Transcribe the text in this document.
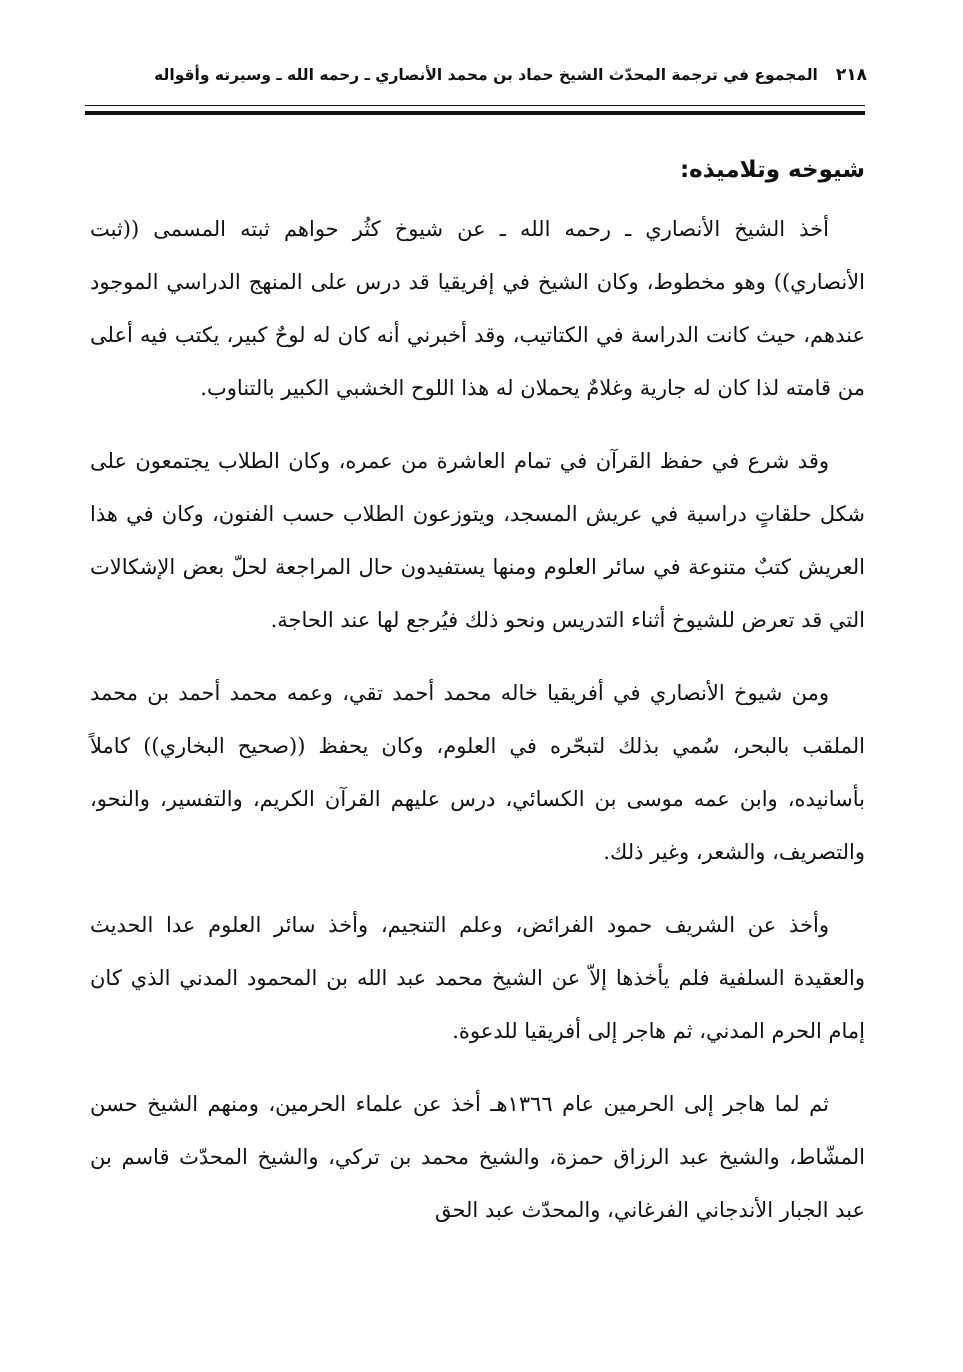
٢١٨
المجموع في ترجمة المحدّث الشيخ حماد بن محمد الأنصاري ـ رحمه الله ـ وسيرته وأقواله
شيوخه وتلاميذه:

أخذ الشيخ الأنصاري ـ رحمه الله ـ عن شيوخ كثُر حواهم ثبته المسمى ((ثبت الأنصاري)) وهو مخطوط، وكان الشيخ في إفريقيا قد درس على المنهج الدراسي الموجود عندهم، حيث كانت الدراسة في الكتاتيب، وقد أخبرني أنه كان له لوحٌ كبير، يكتب فيه أعلى من قامته لذا كان له جارية وغلامٌ يحملان له هذا اللوح الخشبي الكبير بالتناوب.

وقد شرع في حفظ القرآن في تمام العاشرة من عمره، وكان الطلاب يجتمعون على شكل حلقاتٍ دراسية في عريش المسجد، ويتوزعون الطلاب حسب الفنون، وكان في هذا العريش كتبٌ متنوعة في سائر العلوم ومنها يستفيدون حال المراجعة لحلّ بعض الإشكالات التي قد تعرض للشيوخ أثناء التدريس ونحو ذلك فيُرجع لها عند الحاجة.

ومن شيوخ الأنصاري في أفريقيا خاله محمد أحمد تقي، وعمه محمد أحمد بن محمد الملقب بالبحر، سُمي بذلك لتبحّره في العلوم، وكان يحفظ ((صحيح البخاري)) كاملاً بأسانيده، وابن عمه موسى بن الكسائي، درس عليهم القرآن الكريم، والتفسير، والنحو، والتصريف، والشعر، وغير ذلك.

وأخذ عن الشريف حمود الفرائض، وعلم التنجيم، وأخذ سائر العلوم عدا الحديث والعقيدة السلفية فلم يأخذها إلاّ عن الشيخ محمد عبد الله بن المحمود المدني الذي كان إمام الحرم المدني، ثم هاجر إلى أفريقيا للدعوة.

ثم لما هاجر إلى الحرمين عام ١٣٦٦هـ أخذ عن علماء الحرمين، ومنهم الشيخ حسن المشّاط، والشيخ عبد الرزاق حمزة، والشيخ محمد بن تركي، والشيخ المحدّث قاسم بن عبد الجبار الأندجاني الفرغاني، والمحدّث عبد الحق
